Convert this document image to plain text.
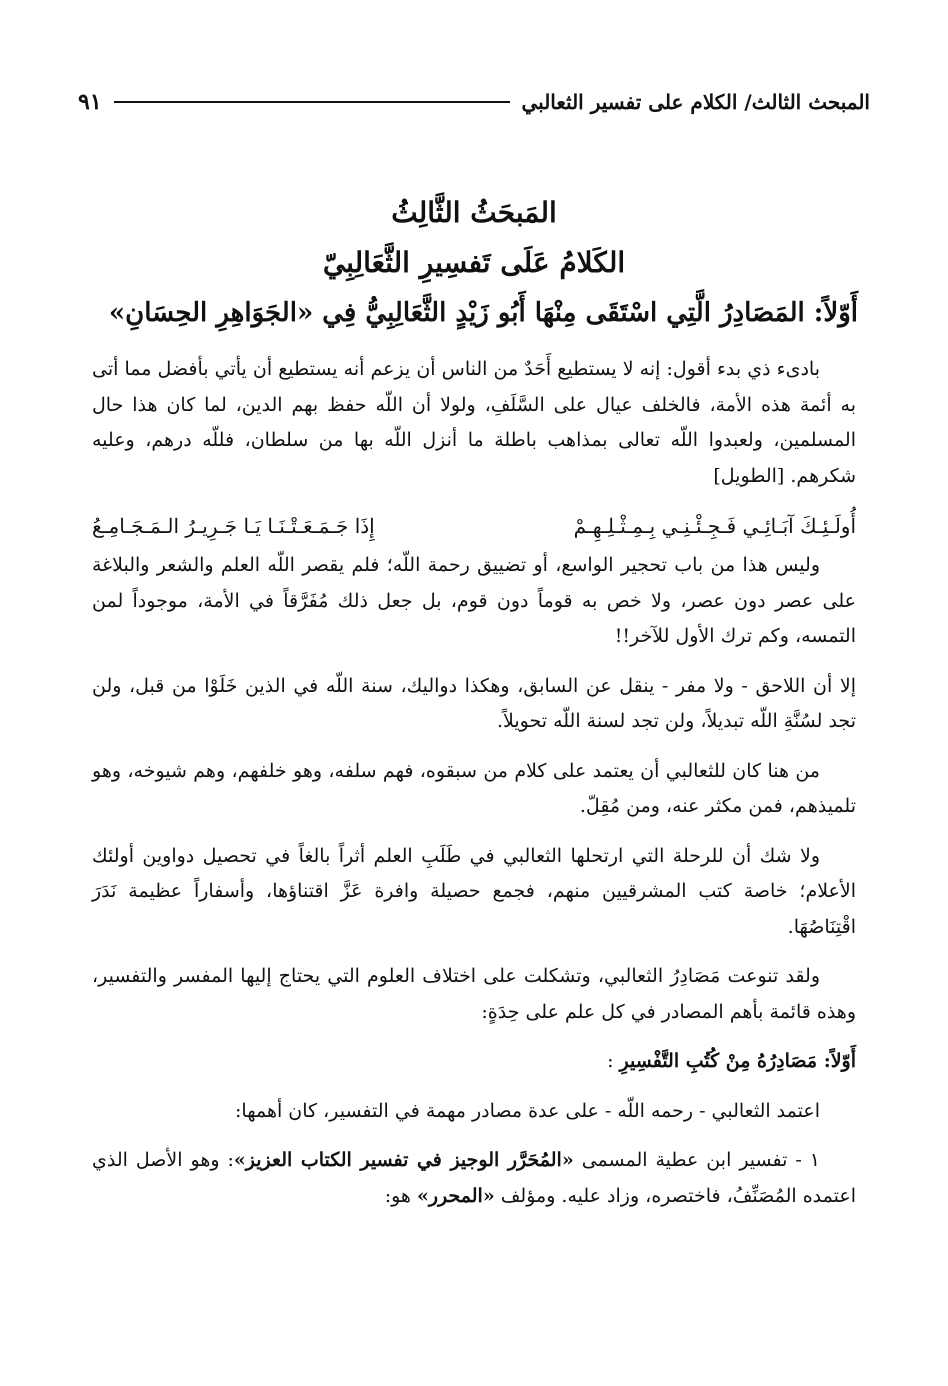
المبحث الثالث/ الكلام على تفسير الثعالبي
٩١
المَبحَثُ الثَّالِثُ
الكَلامُ عَلَى تَفسِيرِ الثَّعَالِبِيّ
أَوّلاً: المَصَادِرُ الَّتِي اسْتَقَى مِنْهَا أَبُو زَيْدٍ الثَّعَالِبِيُّ فِي «الجَوَاهِرِ الحِسَانِ»

بادىء ذي بدء أقول: إنه لا يستطيع أَحَدٌ من الناس أن يزعم أنه يستطيع أن يأتي بأفضل مما أتى به أئمة هذه الأمة، فالخلف عيال على السَّلَفِ، ولولا أن اللّه حفظ بهم الدين، لما كان هذا حال المسلمين، ولعبدوا اللّه تعالى بمذاهب باطلة ما أنزل اللّه بها من سلطان، فللّه درهم، وعليه شكرهم. [الطويل]

أُولَـئِـكَ آبَـائِـي فَـجِـئْـنِـي بِـمِـثْـلِـهِـمْ
إِذَا جَـمَـعَـتْـنَـا يَـا جَـرِيـرُ الـمَـجَـامِـعُ

وليس هذا من باب تحجير الواسع، أو تضييق رحمة اللّه؛ فلم يقصر اللّه العلم والشعر والبلاغة على عصر دون عصر، ولا خص به قوماً دون قوم، بل جعل ذلك مُفَرَّقاً في الأمة، موجوداً لمن التمسه، وكم ترك الأول للآخر!!

إلا أن اللاحق - ولا مفر - ينقل عن السابق، وهكذا دواليك، سنة اللّه في الذين خَلَوْا من قبل، ولن تجد لسُنَّةِ اللّه تبديلاً، ولن تجد لسنة اللّه تحويلاً.

من هنا كان للثعالبي أن يعتمد على كلام من سبقوه، فهم سلفه، وهو خلفهم، وهم شيوخه، وهو تلميذهم، فمن مكثر عنه، ومن مُقِلّ.

ولا شك أن للرحلة التي ارتحلها الثعالبي في طَلَبِ العلم أثراً بالغاً في تحصيل دواوين أولئك الأعلام؛ خاصة كتب المشرقيين منهم، فجمع حصيلة وافرة عَزَّ اقتناؤها، وأسفاراً عظيمة نَدَرَ اقْتِنَاصُهَا.

ولقد تنوعت مَصَادِرُ الثعالبي، وتشكلت على اختلاف العلوم التي يحتاج إليها المفسر والتفسير، وهذه قائمة بأهم المصادر في كل علم على حِدَةٍ:

أَوّلاً: مَصَادِرُهُ مِنْ كُتُبِ التَّفْسِيرِ :

اعتمد الثعالبي - رحمه اللّه - على عدة مصادر مهمة في التفسير، كان أهمها:

١ - تفسير ابن عطية المسمى «المُحَرَّر الوجيز في تفسير الكتاب العزيز»: وهو الأصل الذي اعتمده المُصَنِّفُ، فاختصره، وزاد عليه. ومؤلف «المحرر» هو:
